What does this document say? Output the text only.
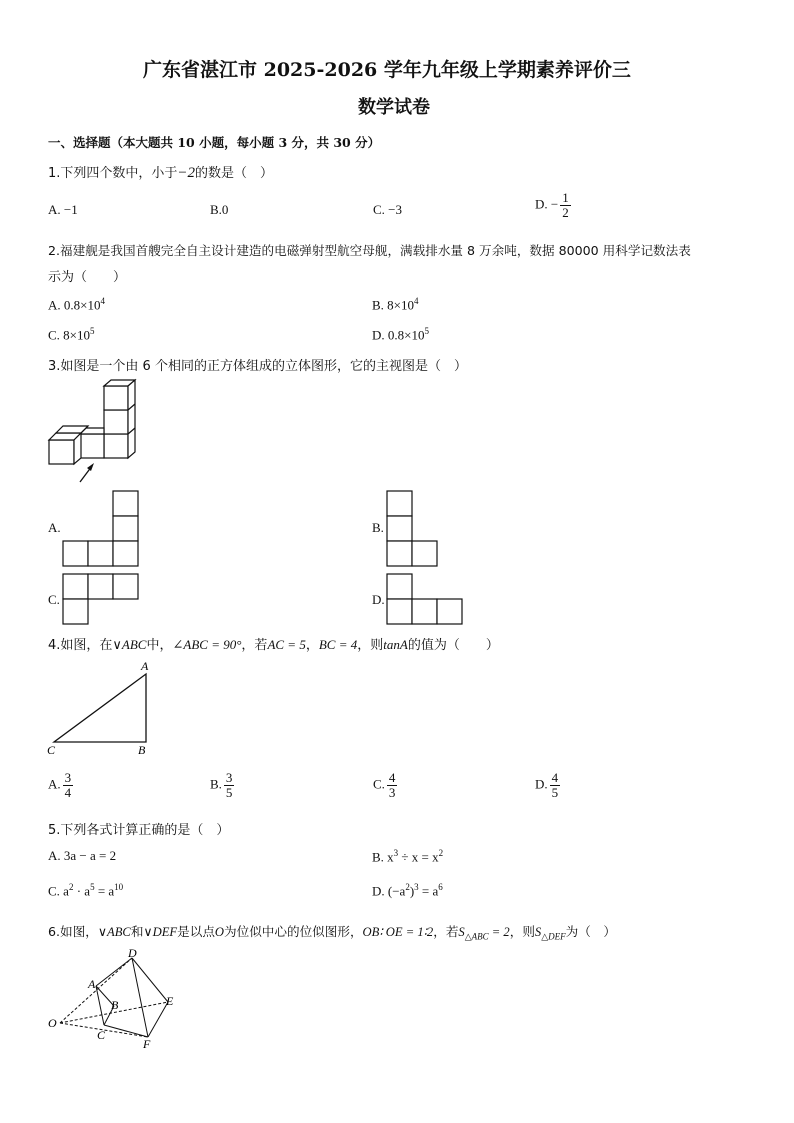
广东省湛江市 2025-2026 学年九年级上学期素养评价三
数学试卷
一、选择题（本大题共 10 小题，每小题 3 分，共 30 分）
1.下列四个数中，小于−2的数是（　）
A. −1	B.0	C. −3	D. − $\frac{1}{2}$
2.福建舰是我国首艘完全自主设计建造的电磁弹射型航空母舰，满载排水量 8 万余吨，数据 80000 用科学记数法表
示为（　　）
A. $0.8\times 10^4$	B. $8\times 10^4$
C. $8\times 10^5$	D. $0.8\times 10^5$
3.如图是一个由 6 个相同的正方体组成的立体图形，它的主视图是（　）
A.	B.
C.	D.
4.如图，在∨ABC中，∠ABC = 90°，若AC = 5，BC = 4，则tanA的值为（　　）
A
C	B
A. $\frac{3}{4}$	B. $\frac{3}{5}$	C. $\frac{4}{3}$	D. $\frac{4}{5}$
5.下列各式计算正确的是（　）
A. 3a − a = 2	B. $x^3 \div x = x^2$
C. $a^2 \cdot a^5 = a^{10}$	D. $(-a^2)^3 = a^6$
6.如图，∨ABC和∨DEF是以点O为位似中心的位似图形，OB∶ OE = 1∶2，若$S_{\triangle ABC} = 2$，则$S_{\triangle DEF}$为（　）
D
A
B	E
O
C
F
